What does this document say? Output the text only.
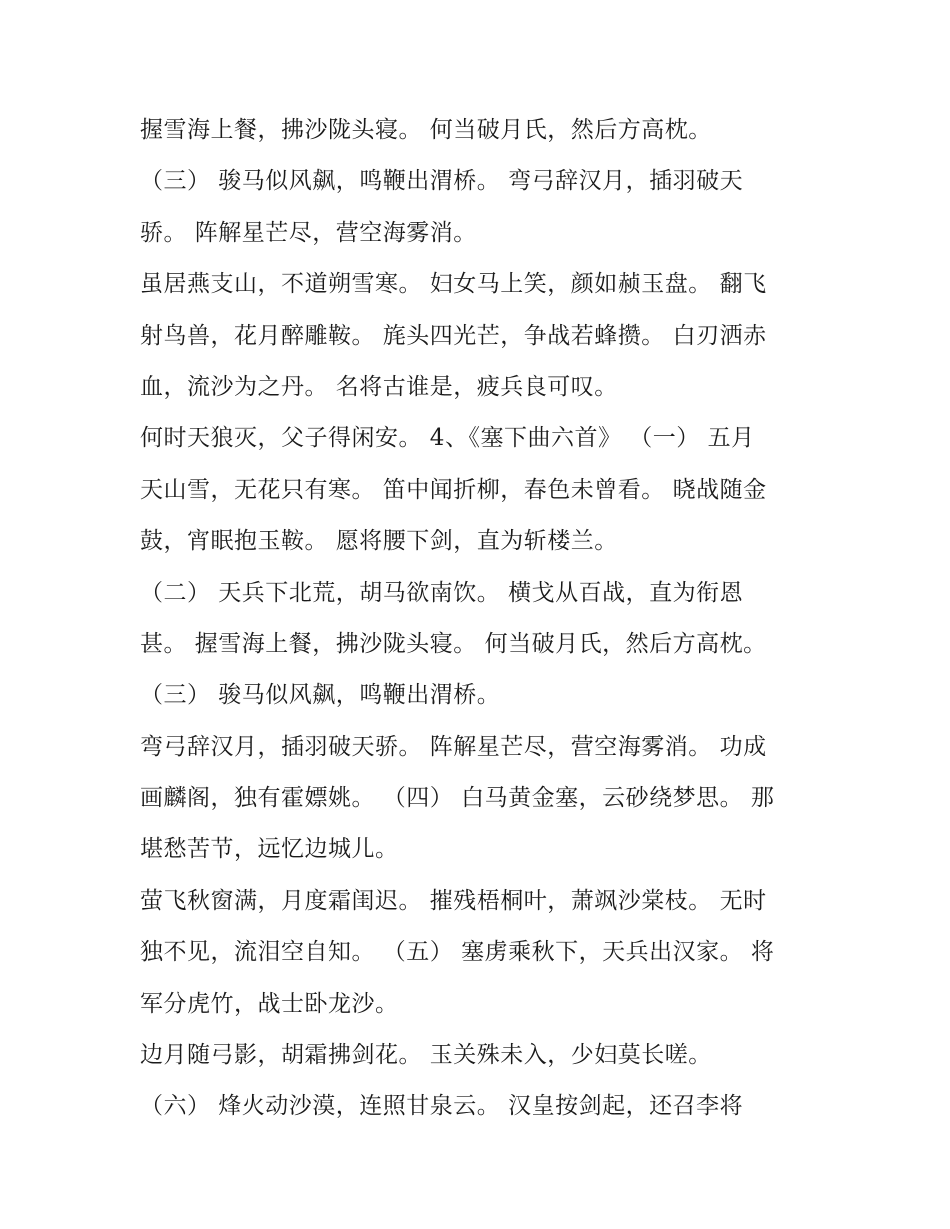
握雪海上餐，拂沙陇头寝。 何当破月氏，然后方高枕。
（三） 骏马似风飙，鸣鞭出渭桥。 弯弓辞汉月，插羽破天
骄。 阵解星芒尽，营空海雾消。
虽居燕支山，不道朔雪寒。 妇女马上笑，颜如赪玉盘。 翻飞
射鸟兽，花月醉雕鞍。 旄头四光芒，争战若蜂攒。 白刃洒赤
血，流沙为之丹。 名将古谁是，疲兵良可叹。
何时天狼灭，父子得闲安。 4、《塞下曲六首》 （一） 五月
天山雪，无花只有寒。 笛中闻折柳，春色未曾看。 晓战随金
鼓，宵眠抱玉鞍。 愿将腰下剑，直为斩楼兰。
（二） 天兵下北荒，胡马欲南饮。 横戈从百战，直为衔恩
甚。 握雪海上餐，拂沙陇头寝。 何当破月氏，然后方高枕。
（三） 骏马似风飙，鸣鞭出渭桥。
弯弓辞汉月，插羽破天骄。 阵解星芒尽，营空海雾消。 功成
画麟阁，独有霍嫖姚。 （四） 白马黄金塞，云砂绕梦思。 那
堪愁苦节，远忆边城儿。
萤飞秋窗满，月度霜闺迟。 摧残梧桐叶，萧飒沙棠枝。 无时
独不见，流泪空自知。 （五） 塞虏乘秋下，天兵出汉家。 将
军分虎竹，战士卧龙沙。
边月随弓影，胡霜拂剑花。 玉关殊未入，少妇莫长嗟。
（六） 烽火动沙漠，连照甘泉云。 汉皇按剑起，还召李将
